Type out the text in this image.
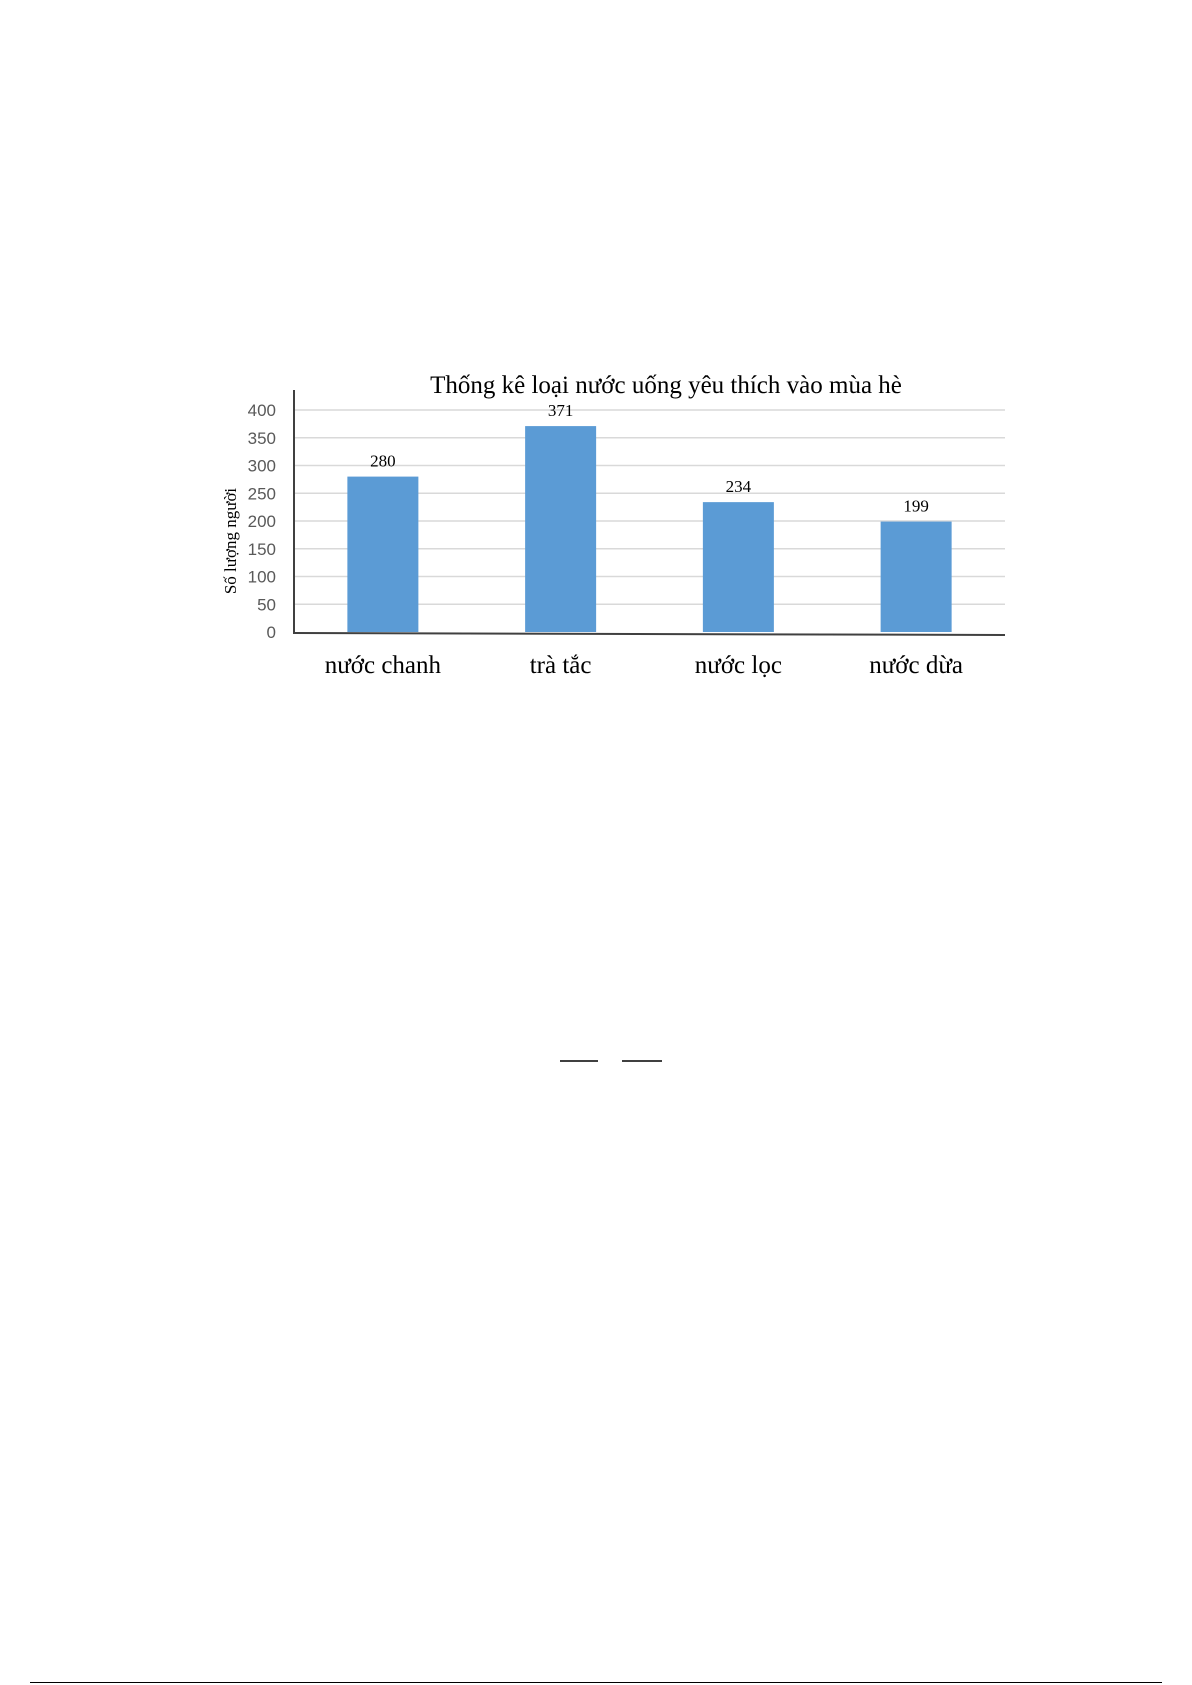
Thống kê loại nước uống yêu thích vào mùa hè
0
50
100
150
200
250
300
350
400
280
371
234
199
nước chanh	trà tắc	nước lọc	nước dừa
Số lượng người
